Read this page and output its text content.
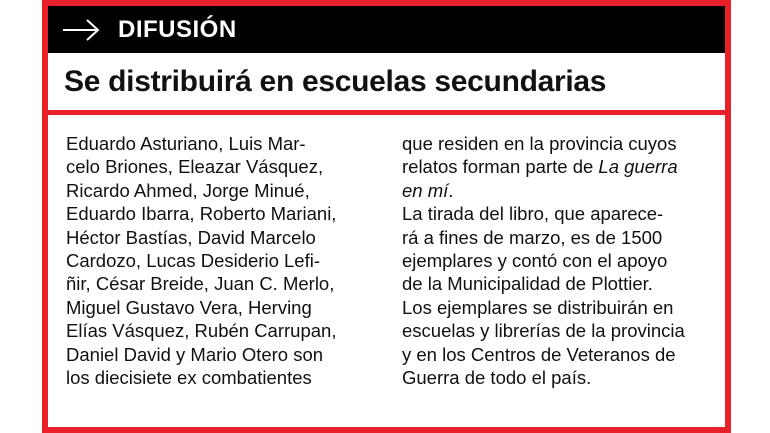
DIFUSIÓN
Se distribuirá en escuelas secundarias
Eduardo Asturiano, Luis Mar-
celo Briones, Eleazar Vásquez,
Ricardo Ahmed, Jorge Minué,
Eduardo Ibarra, Roberto Mariani,
Héctor Bastías, David Marcelo
Cardozo, Lucas Desiderio Lefi-
ñir, César Breide, Juan C. Merlo,
Miguel Gustavo Vera, Herving
Elías Vásquez, Rubén Carrupan,
Daniel David y Mario Otero son
los diecisiete ex combatientes
que residen en la provincia cuyos
relatos forman parte de La guerra
en mí.
La tirada del libro, que aparece-
rá a fines de marzo, es de 1500
ejemplares y contó con el apoyo
de la Municipalidad de Plottier.
Los ejemplares se distribuirán en
escuelas y librerías de la provincia
y en los Centros de Veteranos de
Guerra de todo el país.
